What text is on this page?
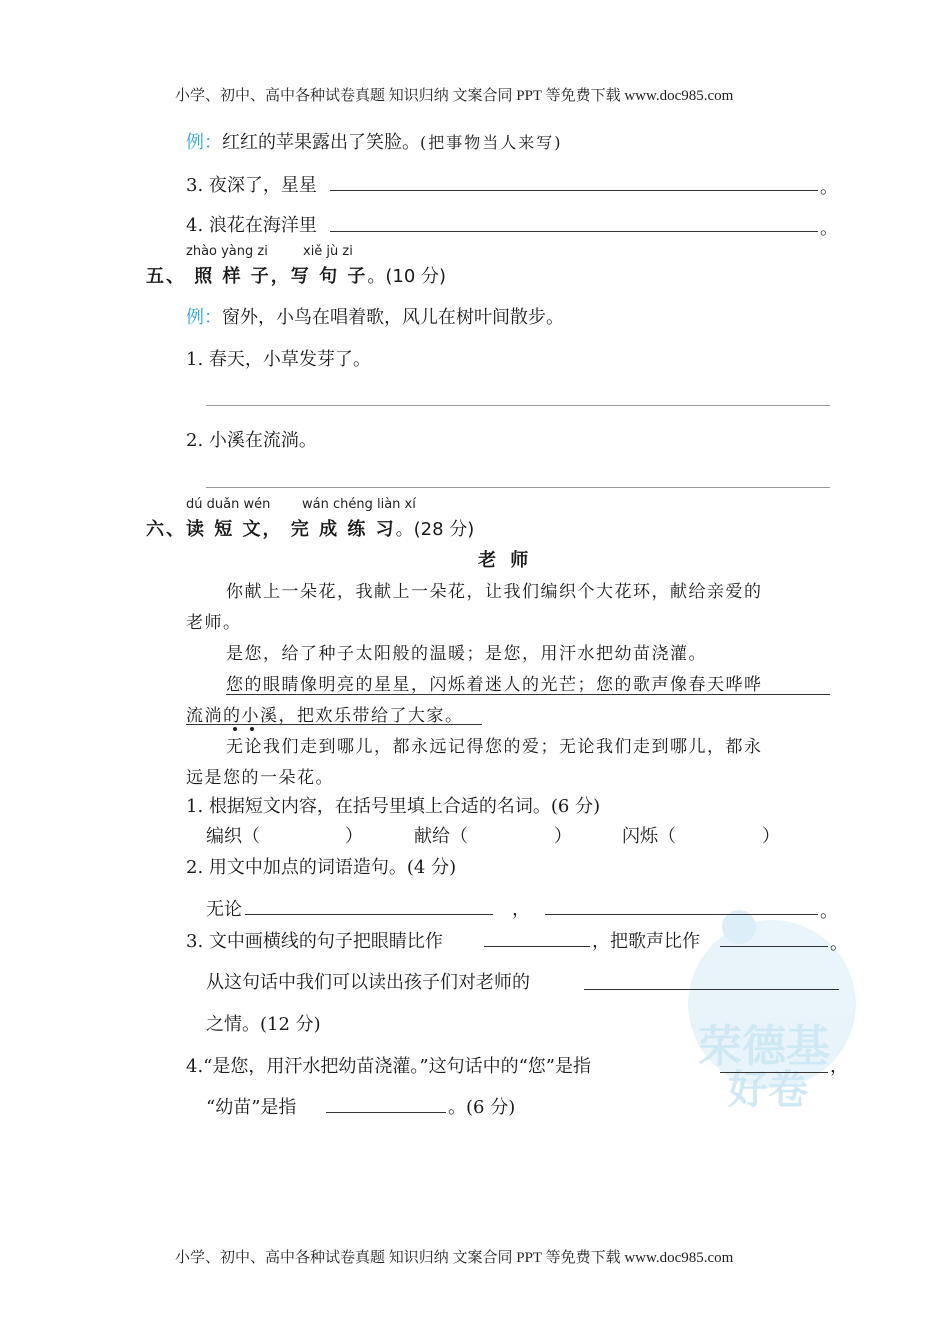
荣德基
好卷
小学、初中、高中各种试卷真题 知识归纳 文案合同 PPT 等免费下载 www.doc985.com
例：红红的苹果露出了笑脸。(把事物当人来写)
3. 夜深了，星星	。
4. 浪花在海洋里	。
zhào yàng zi	xiě jù zi
五、 照 样 子，写 句 子。(10 分)
例：窗外，小鸟在唱着歌，风儿在树叶间散步。
1. 春天，小草发芽了。
2. 小溪在流淌。
dú duǎn wén wán chéng liàn xí
六、读 短 文， 完 成 练 习。(28 分)
老 师
你献上一朵花，我献上一朵花，让我们编织个大花环，献给亲爱的
老师。
是您，给了种子太阳般的温暖；是您，用汗水把幼苗浇灌。
您的眼睛像明亮的星星，闪烁着迷人的光芒；您的歌声像春天哗哗
流淌的小溪，把欢乐带给了大家。
无论我们走到哪儿，都永远记得您的爱；无论我们走到哪儿，都永
远是您的一朵花。
1. 根据短文内容，在括号里填上合适的名词。(6 分)
编织（	）	献给（	）	闪烁（	）
2. 用文中加点的词语造句。(4 分)
无论	，	。
3. 文中画横线的句子把眼睛比作	，把歌声比作	。
从这句话中我们可以读出孩子们对老师的
之情。(12 分)
4.“是您，用汗水把幼苗浇灌。”这句话中的“您”是指	，
“幼苗”是指	。(6 分)
小学、初中、高中各种试卷真题 知识归纳 文案合同 PPT 等免费下载 www.doc985.com
